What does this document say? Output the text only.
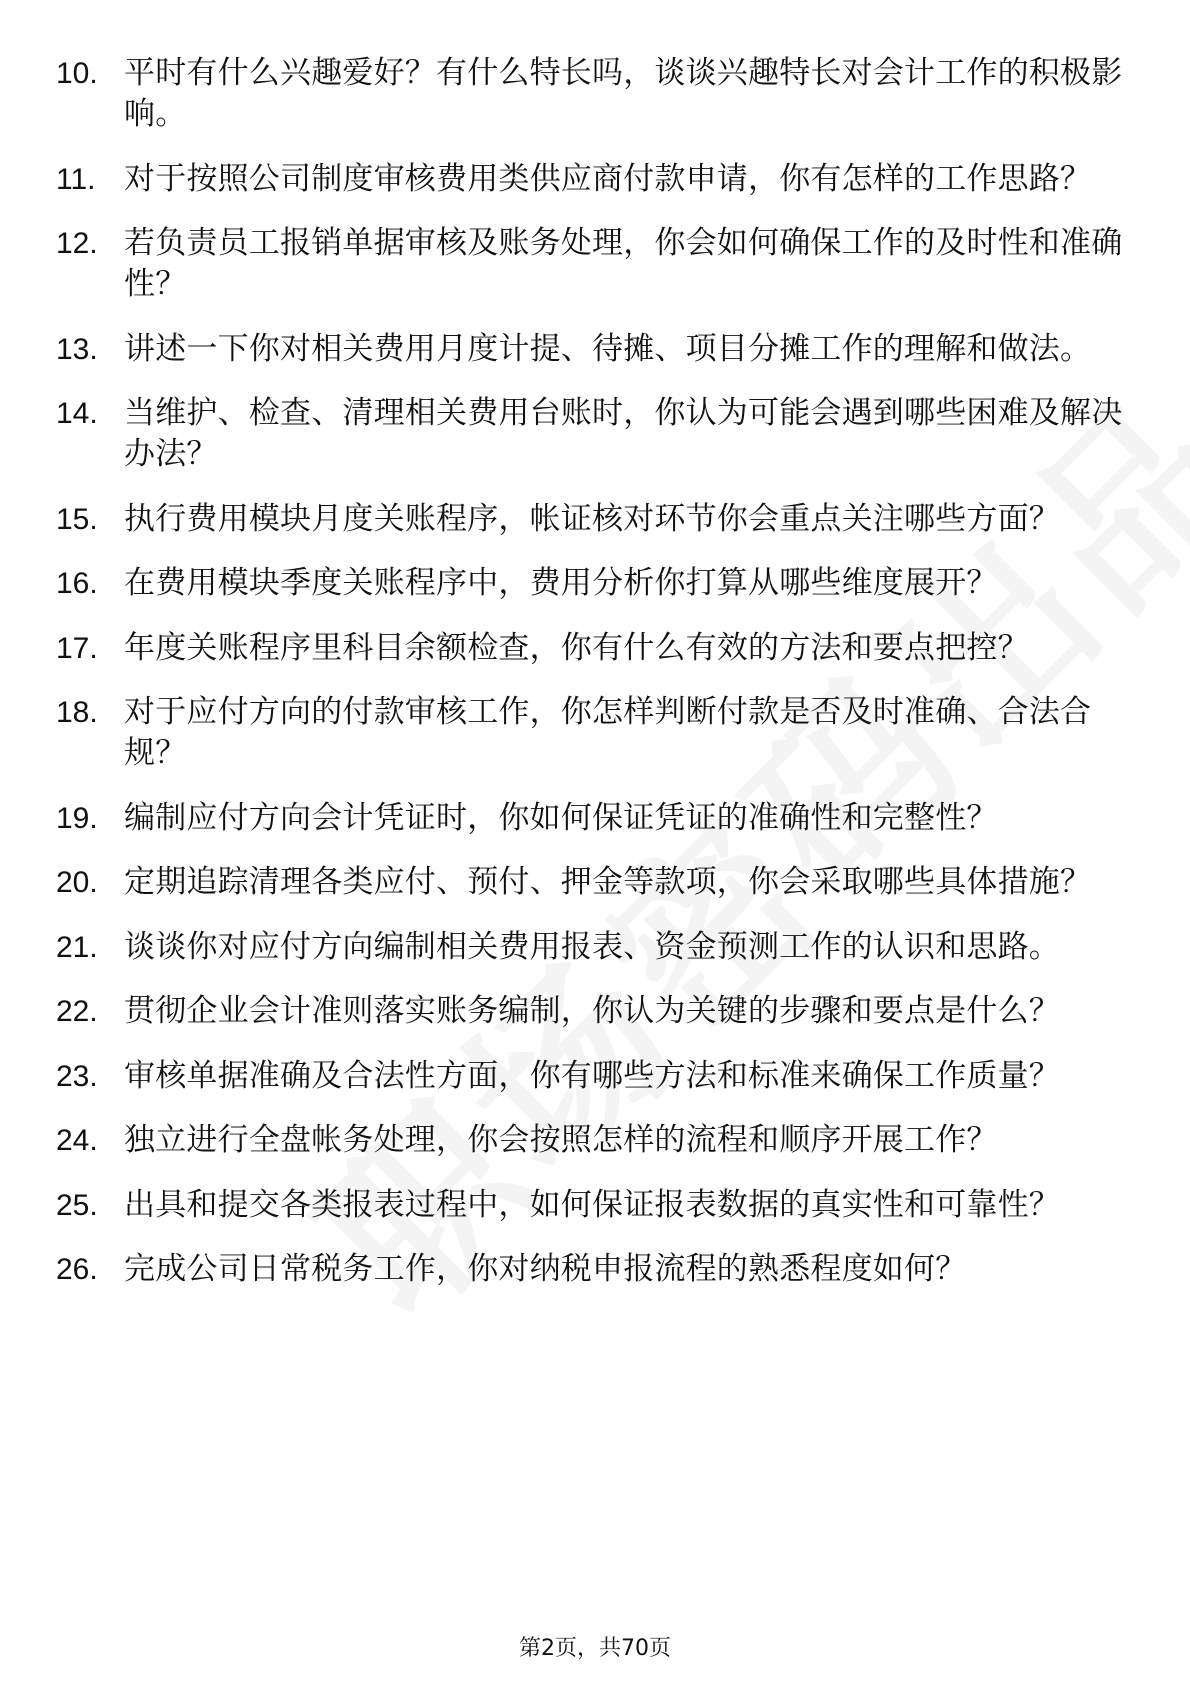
10. 平时有什么兴趣爱好？有什么特长吗，谈谈兴趣特长对会计工作的积极影响。
11. 对于按照公司制度审核费用类供应商付款申请，你有怎样的工作思路？
12. 若负责员工报销单据审核及账务处理，你会如何确保工作的及时性和准确性？
13. 讲述一下你对相关费用月度计提、待摊、项目分摊工作的理解和做法。
14. 当维护、检查、清理相关费用台账时，你认为可能会遇到哪些困难及解决办法？
15. 执行费用模块月度关账程序，帐证核对环节你会重点关注哪些方面？
16. 在费用模块季度关账程序中，费用分析你打算从哪些维度展开？
17. 年度关账程序里科目余额检查，你有什么有效的方法和要点把控？
18. 对于应付方向的付款审核工作，你怎样判断付款是否及时准确、合法合规？
19. 编制应付方向会计凭证时，你如何保证凭证的准确性和完整性？
20. 定期追踪清理各类应付、预付、押金等款项，你会采取哪些具体措施？
21. 谈谈你对应付方向编制相关费用报表、资金预测工作的认识和思路。
22. 贯彻企业会计准则落实账务编制，你认为关键的步骤和要点是什么？
23. 审核单据准确及合法性方面，你有哪些方法和标准来确保工作质量？
24. 独立进行全盘帐务处理，你会按照怎样的流程和顺序开展工作？
25. 出具和提交各类报表过程中，如何保证报表数据的真实性和可靠性？
26. 完成公司日常税务工作，你对纳税申报流程的熟悉程度如何？
第2页，共70页
